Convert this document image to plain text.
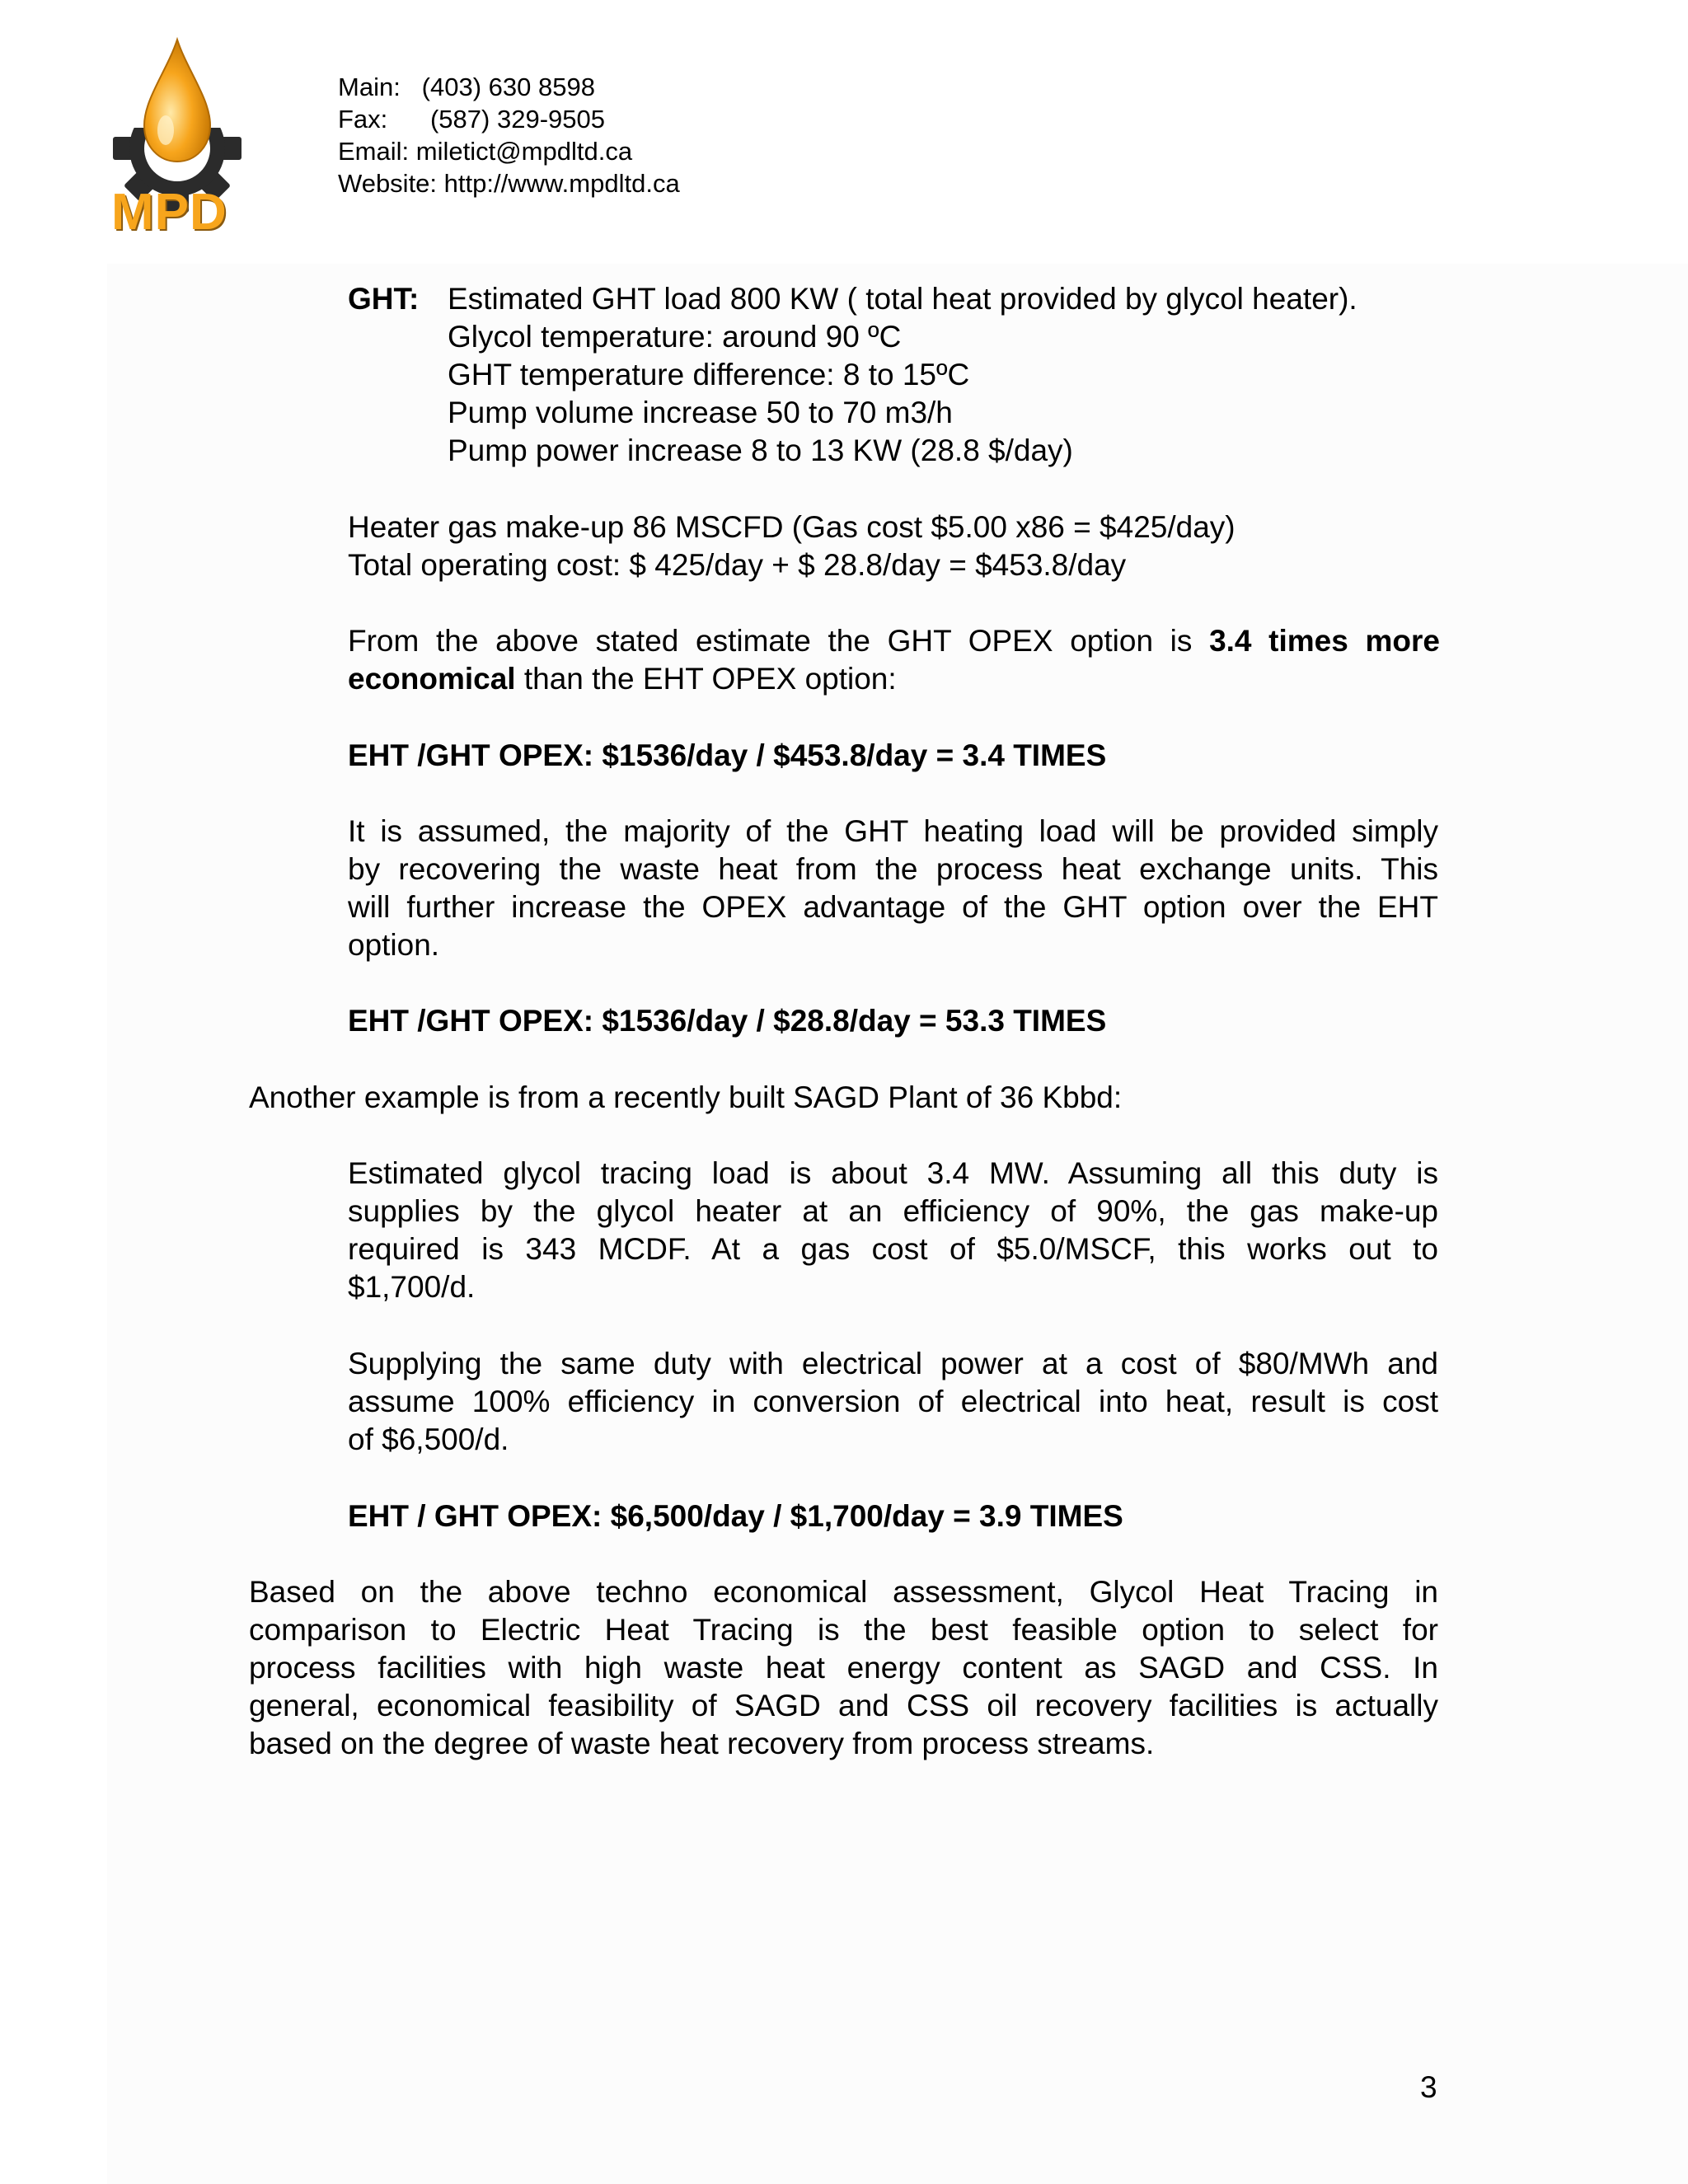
MPD
Main: (403) 630 8598
Fax: (587) 329-9505
Email: miletict@mpdltd.ca
Website: http://www.mpdltd.ca
GHT: Estimated GHT load 800 KW ( total heat provided by glycol heater).
Glycol temperature: around 90 ºC
GHT temperature difference: 8 to 15ºC
Pump volume increase 50 to 70 m3/h
Pump power increase 8 to 13 KW (28.8 $/day)
Heater gas make-up 86 MSCFD (Gas cost $5.00 x86 = $425/day)
Total operating cost: $ 425/day + $ 28.8/day = $453.8/day
From the above stated estimate the GHT OPEX option is 3.4 times more
economical than the EHT OPEX option:
EHT /GHT OPEX: $1536/day / $453.8/day = 3.4 TIMES
It is assumed, the majority of the GHT heating load will be provided simply
by recovering the waste heat from the process heat exchange units. This
will further increase the OPEX advantage of the GHT option over the EHT
option.
EHT /GHT OPEX: $1536/day / $28.8/day = 53.3 TIMES
Another example is from a recently built SAGD Plant of 36 Kbbd:
Estimated glycol tracing load is about 3.4 MW. Assuming all this duty is
supplies by the glycol heater at an efficiency of 90%, the gas make-up
required is 343 MCDF. At a gas cost of $5.0/MSCF, this works out to
$1,700/d.
Supplying the same duty with electrical power at a cost of $80/MWh and
assume 100% efficiency in conversion of electrical into heat, result is cost
of $6,500/d.
EHT / GHT OPEX: $6,500/day / $1,700/day = 3.9 TIMES
Based on the above techno economical assessment, Glycol Heat Tracing in
comparison to Electric Heat Tracing is the best feasible option to select for
process facilities with high waste heat energy content as SAGD and CSS. In
general, economical feasibility of SAGD and CSS oil recovery facilities is actually
based on the degree of waste heat recovery from process streams.
3
